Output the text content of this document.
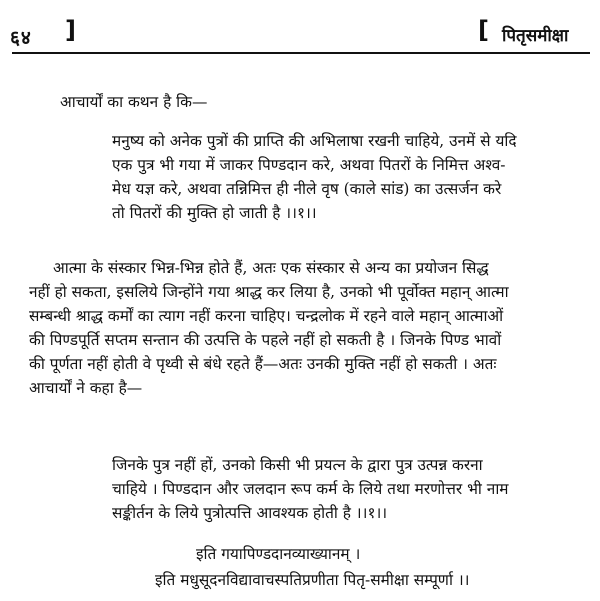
६४ ]	[ पितृसमीक्षा
आचार्यों का कथन है कि—
मनुष्य को अनेक पुत्रों की प्राप्ति की अभिलाषा रखनी चाहिये, उनमें से यदि
एक पुत्र भी गया में जाकर पिण्डदान करे, अथवा पितरों के निमित्त अश्व-
मेध यज्ञ करे, अथवा तन्निमित्त ही नीले वृष (काले सांड) का उत्सर्जन करे
तो पितरों की मुक्ति हो जाती है ।।१।।
आत्मा के संस्कार भिन्न-भिन्न होते हैं, अतः एक संस्कार से अन्य का प्रयोजन सिद्ध
नहीं हो सकता, इसलिये जिन्होंने गया श्राद्ध कर लिया है, उनको भी पूर्वोक्त महान् आत्मा
सम्बन्धी श्राद्ध कर्मों का त्याग नहीं करना चाहिए। चन्द्रलोक में रहने वाले महान् आत्माओं
की पिण्डपूर्ति सप्तम सन्तान की उत्पत्ति के पहले नहीं हो सकती है । जिनके पिण्ड भावों
की पूर्णता नहीं होती वे पृथ्वी से बंधे रहते हैं—अतः उनकी मुक्ति नहीं हो सकती । अतः
आचार्यों ने कहा है—
जिनके पुत्र नहीं हों, उनको किसी भी प्रयत्न के द्वारा पुत्र उत्पन्न करना
चाहिये । पिण्डदान और जलदान रूप कर्म के लिये तथा मरणोत्तर भी नाम
सङ्कीर्तन के लिये पुत्रोत्पत्ति आवश्यक होती है ।।१।।
इति गयापिण्डदानव्याख्यानम् ।
इति मधुसूदनविद्यावाचस्पतिप्रणीता पितृ-समीक्षा सम्पूर्णा ।।
